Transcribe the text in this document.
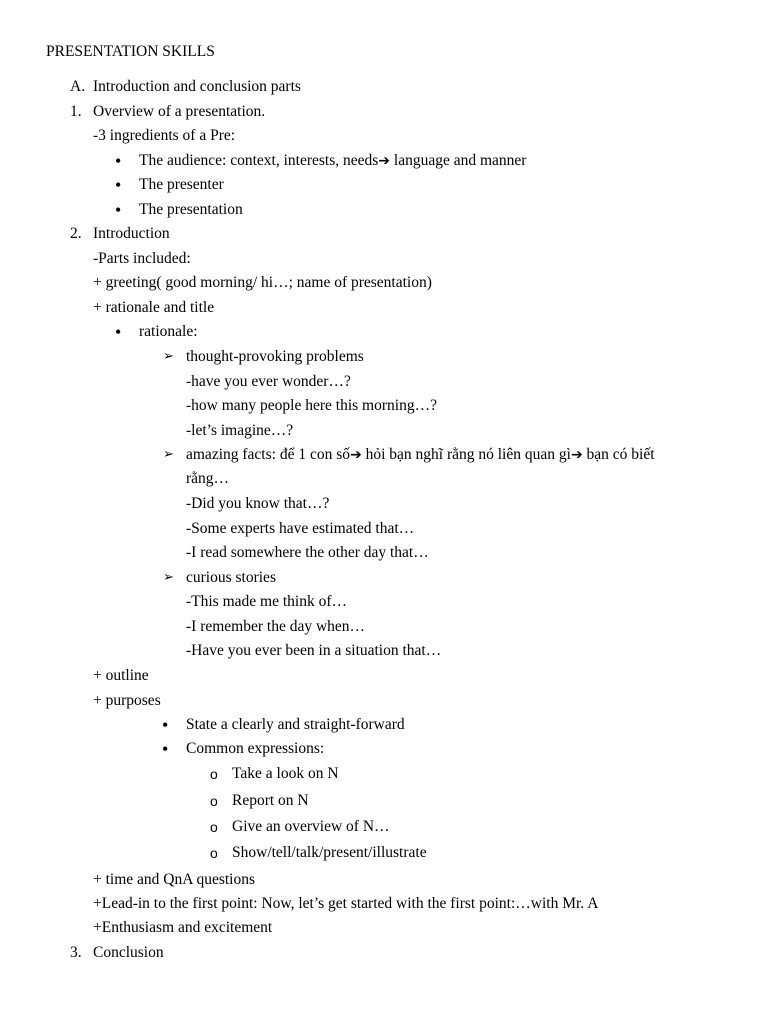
PRESENTATION SKILLS
A. Introduction and conclusion parts
1. Overview of a presentation.
-3 ingredients of a Pre:
• The audience: context, interests, needs➔ language and manner
• The presenter
• The presentation
2. Introduction
-Parts included:
+ greeting( good morning/ hi…; name of presentation)
+ rationale and title
• rationale:
➢ thought-provoking problems
-have you ever wonder…?
-how many people here this morning…?
-let’s imagine…?
➢ amazing facts: để 1 con số➔ hỏi bạn nghĩ rằng nó liên quan gì➔ bạn có biết
rằng…
-Did you know that…?
-Some experts have estimated that…
-I read somewhere the other day that…
➢ curious stories
-This made me think of…
-I remember the day when…
-Have you ever been in a situation that…
+ outline
+ purposes
• State a clearly and straight-forward
• Common expressions:
o Take a look on N
o Report on N
o Give an overview of N…
o Show/tell/talk/present/illustrate
+ time and QnA questions
+Lead-in to the first point: Now, let’s get started with the first point:…with Mr. A
+Enthusiasm and excitement
3. Conclusion
